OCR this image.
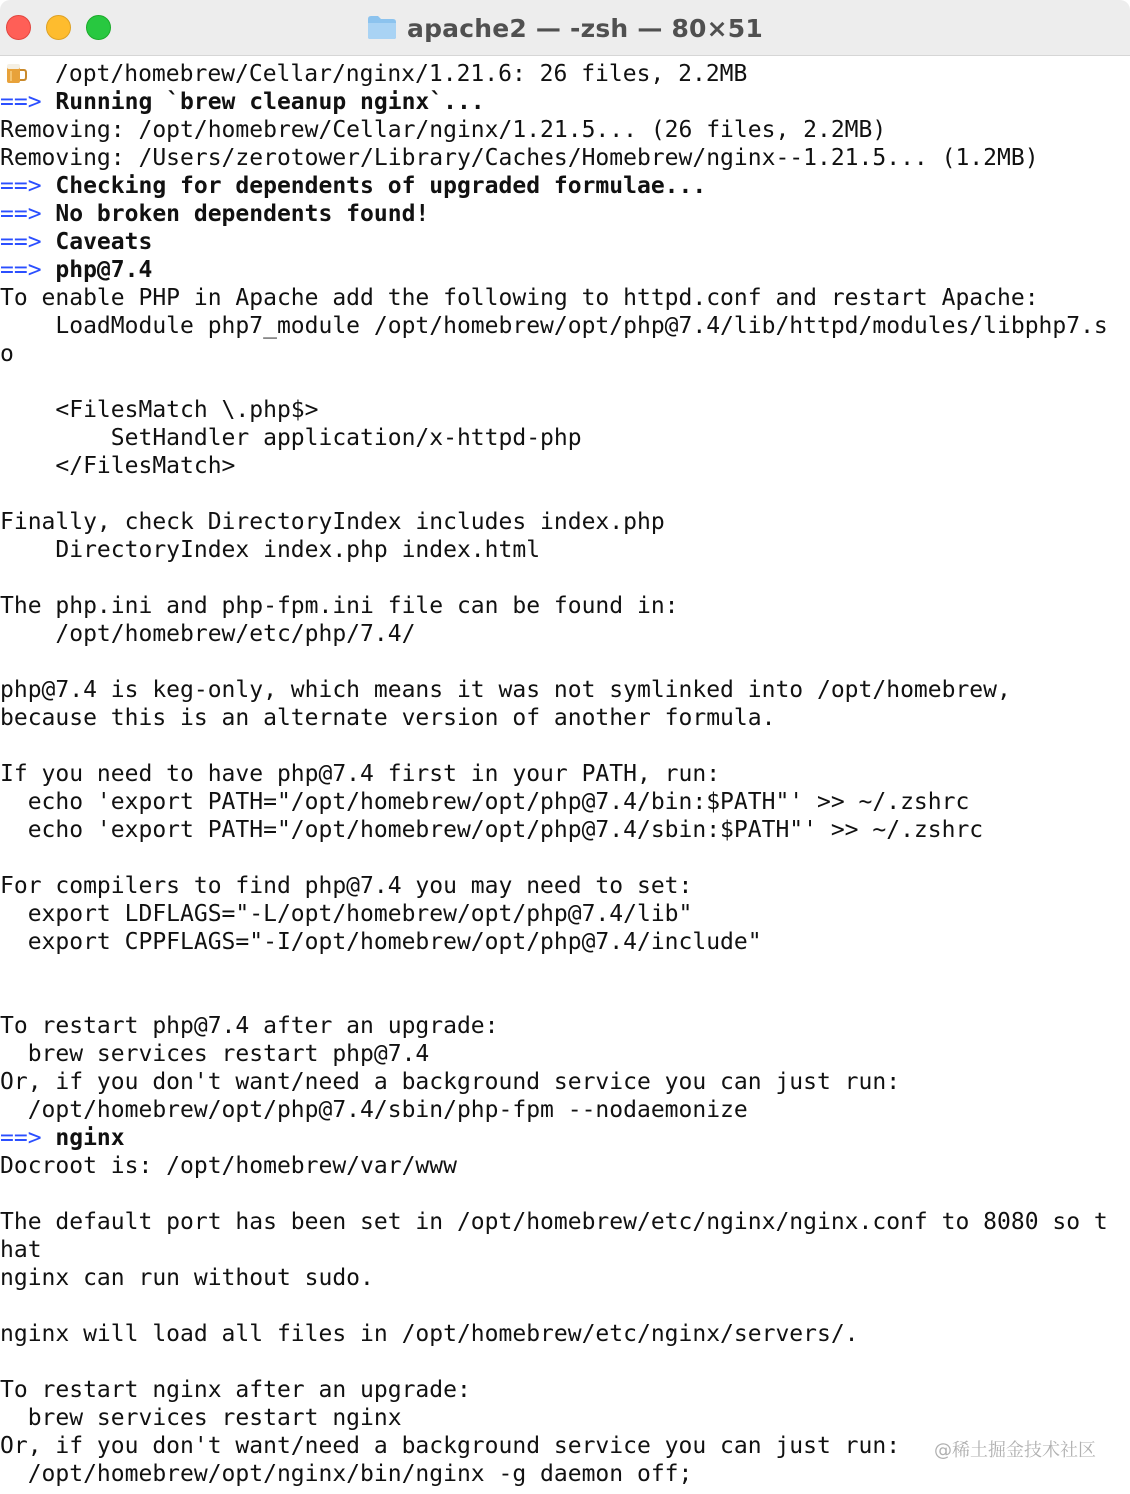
apache2 — -zsh — 80×51
/opt/homebrew/Cellar/nginx/1.21.6: 26 files, 2.2MB
==> Running `brew cleanup nginx`...
Removing: /opt/homebrew/Cellar/nginx/1.21.5... (26 files, 2.2MB)
Removing: /Users/zerotower/Library/Caches/Homebrew/nginx--1.21.5... (1.2MB)
==> Checking for dependents of upgraded formulae...
==> No broken dependents found!
==> Caveats
==> php@7.4
To enable PHP in Apache add the following to httpd.conf and restart Apache:
LoadModule php7_module /opt/homebrew/opt/php@7.4/lib/httpd/modules/libphp7.s
o
<FilesMatch \.php$>
SetHandler application/x-httpd-php
</FilesMatch>
Finally, check DirectoryIndex includes index.php
DirectoryIndex index.php index.html
The php.ini and php-fpm.ini file can be found in:
/opt/homebrew/etc/php/7.4/
php@7.4 is keg-only, which means it was not symlinked into /opt/homebrew,
because this is an alternate version of another formula.
If you need to have php@7.4 first in your PATH, run:
echo 'export PATH="/opt/homebrew/opt/php@7.4/bin:$PATH"' >> ~/.zshrc
echo 'export PATH="/opt/homebrew/opt/php@7.4/sbin:$PATH"' >> ~/.zshrc
For compilers to find php@7.4 you may need to set:
export LDFLAGS="-L/opt/homebrew/opt/php@7.4/lib"
export CPPFLAGS="-I/opt/homebrew/opt/php@7.4/include"
To restart php@7.4 after an upgrade:
brew services restart php@7.4
Or, if you don't want/need a background service you can just run:
/opt/homebrew/opt/php@7.4/sbin/php-fpm --nodaemonize
==> nginx
Docroot is: /opt/homebrew/var/www
The default port has been set in /opt/homebrew/etc/nginx/nginx.conf to 8080 so t
hat
nginx can run without sudo.
nginx will load all files in /opt/homebrew/etc/nginx/servers/.
To restart nginx after an upgrade:
brew services restart nginx
Or, if you don't want/need a background service you can just run:
/opt/homebrew/opt/nginx/bin/nginx -g daemon off;
@稀土掘金技术社区
